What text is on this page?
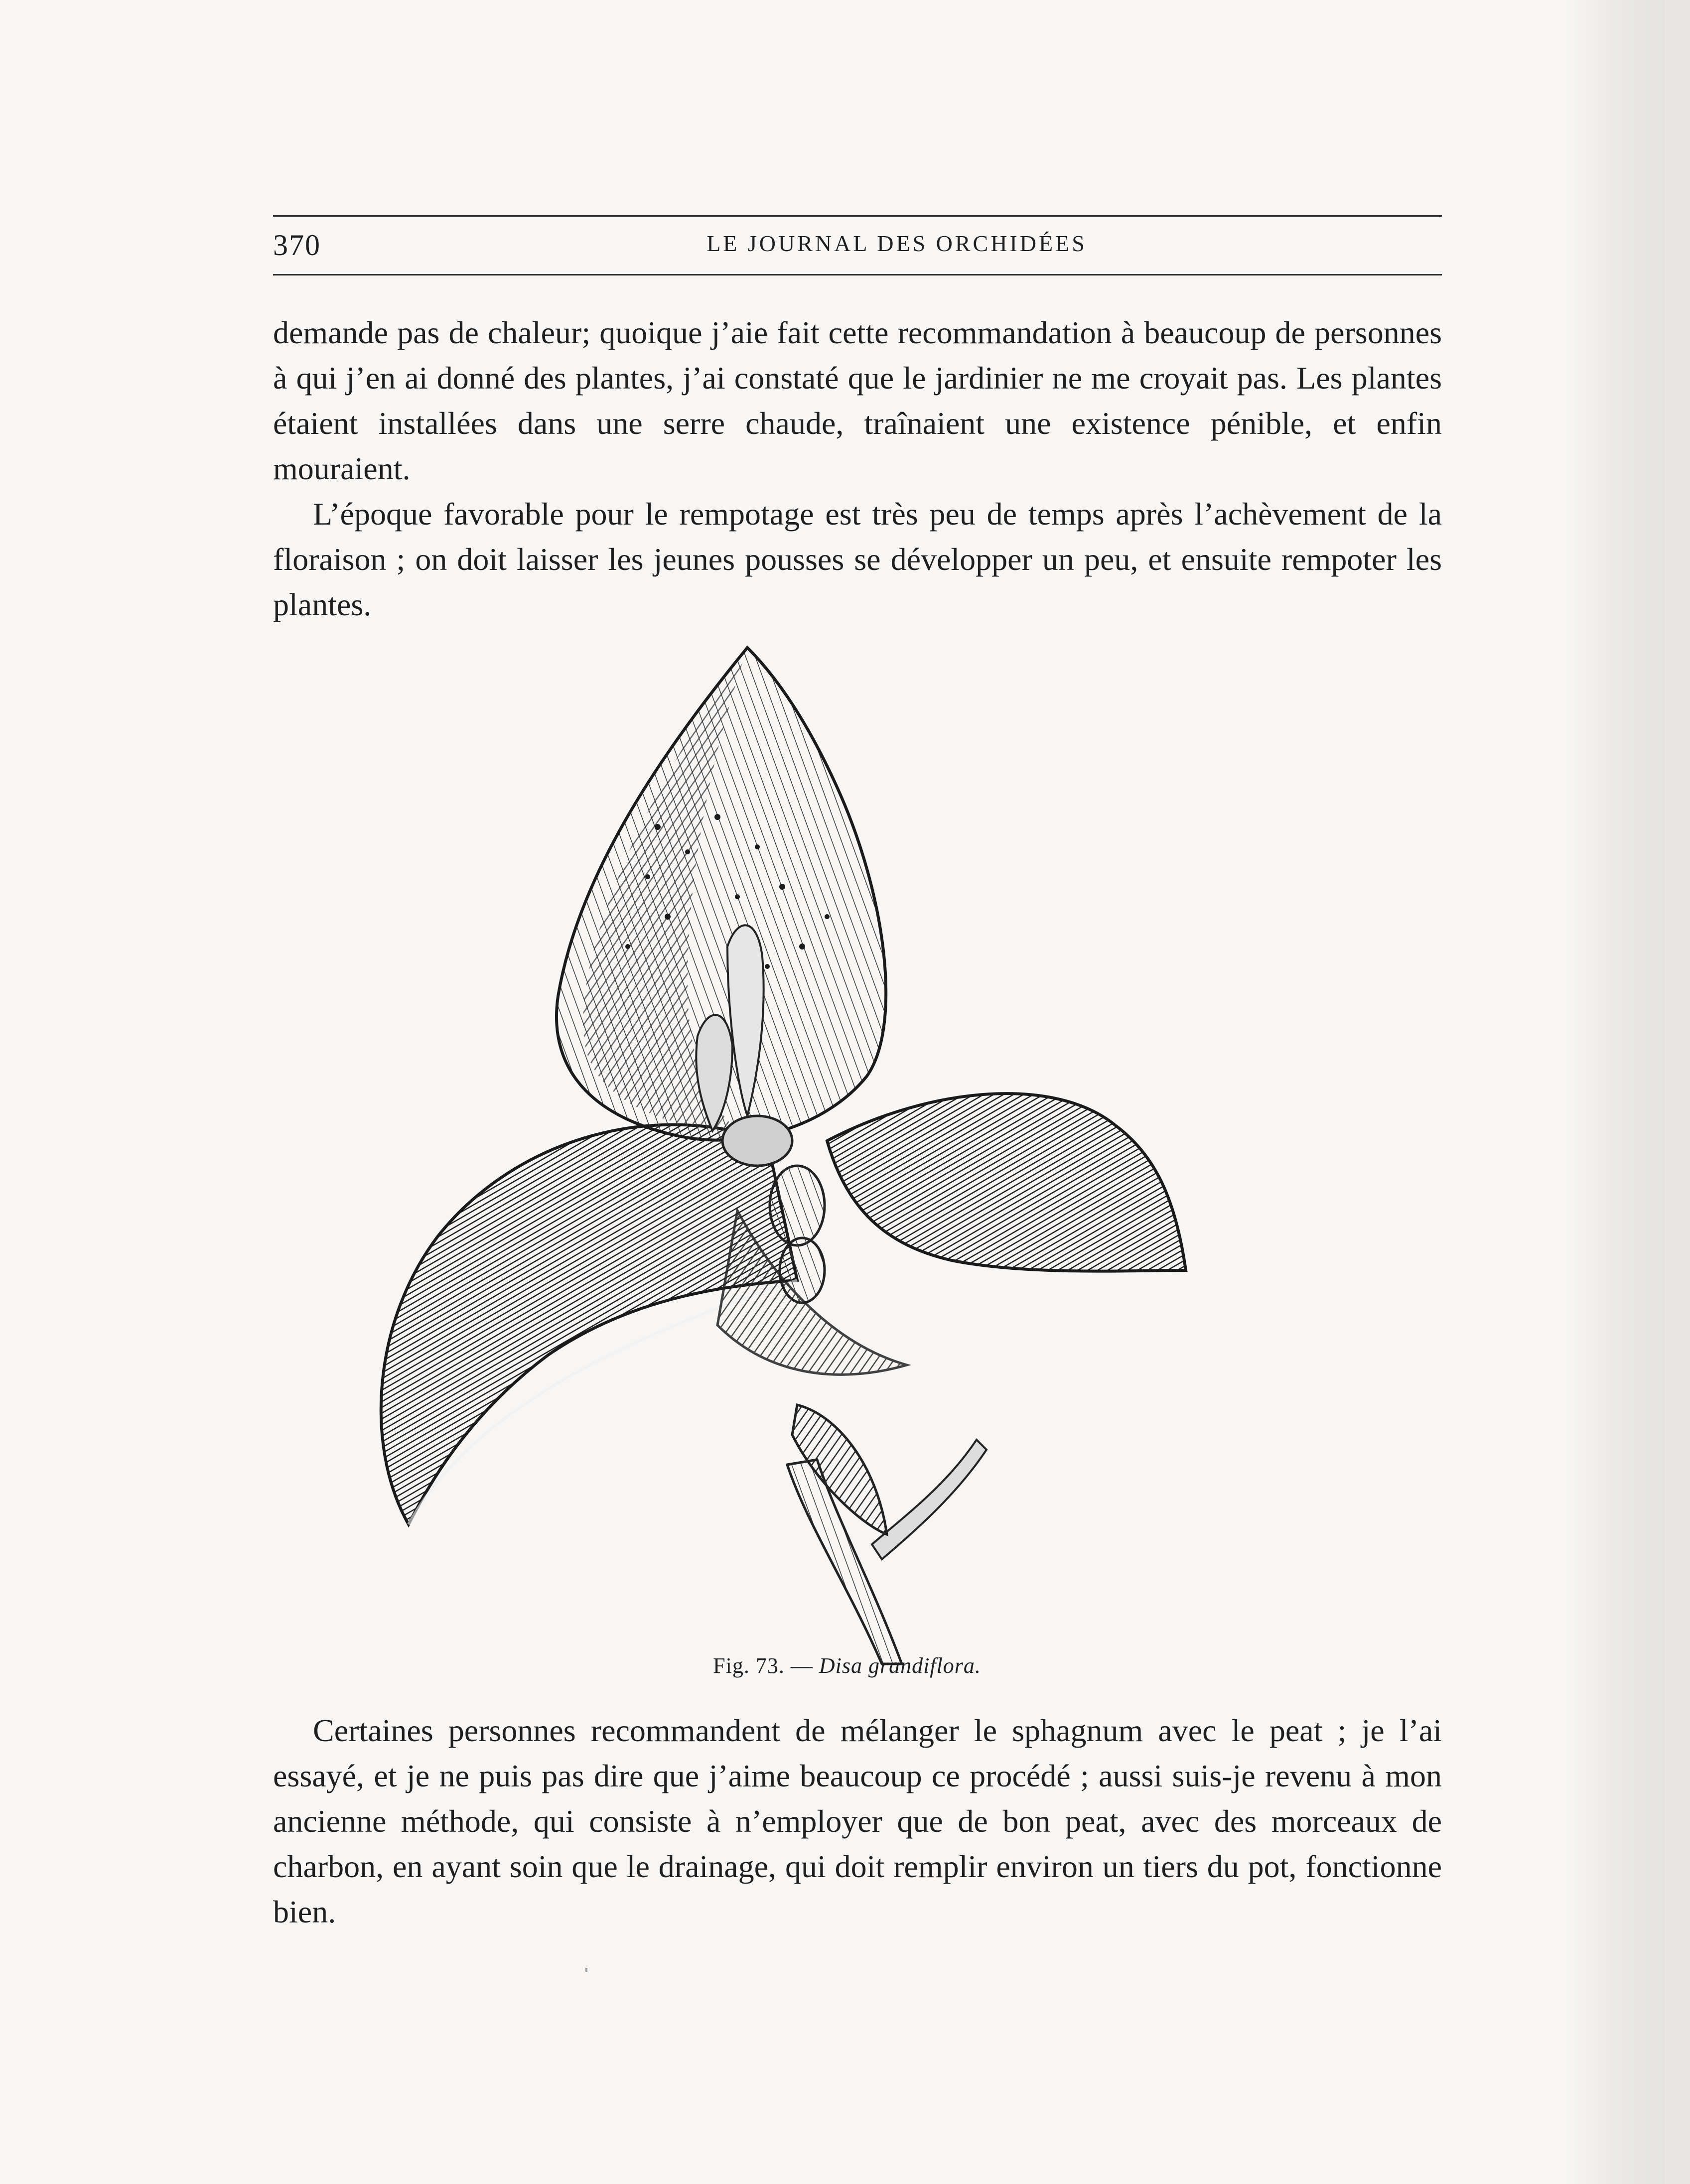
370	LE JOURNAL DES ORCHIDÉES

demande pas de chaleur; quoique j’aie fait cette recommandation à beaucoup de personnes à qui j’en ai donné des plantes, j’ai constaté que le jardinier ne me croyait pas. Les plantes étaient installées dans une serre chaude, traînaient une existence pénible, et enfin mouraient.

L’époque favorable pour le rempotage est très peu de temps après l’achèvement de la floraison ; on doit laisser les jeunes pousses se développer un peu, et ensuite rempoter les plantes.

Fig. 73. — Disa grandiflora.

Certaines personnes recommandent de mélanger le sphagnum avec le peat ; je l’ai essayé, et je ne puis pas dire que j’aime beaucoup ce procédé ; aussi suis-je revenu à mon ancienne méthode, qui consiste à n’employer que de bon peat, avec des morceaux de charbon, en ayant soin que le drainage, qui doit remplir environ un tiers du pot, fonctionne bien.
